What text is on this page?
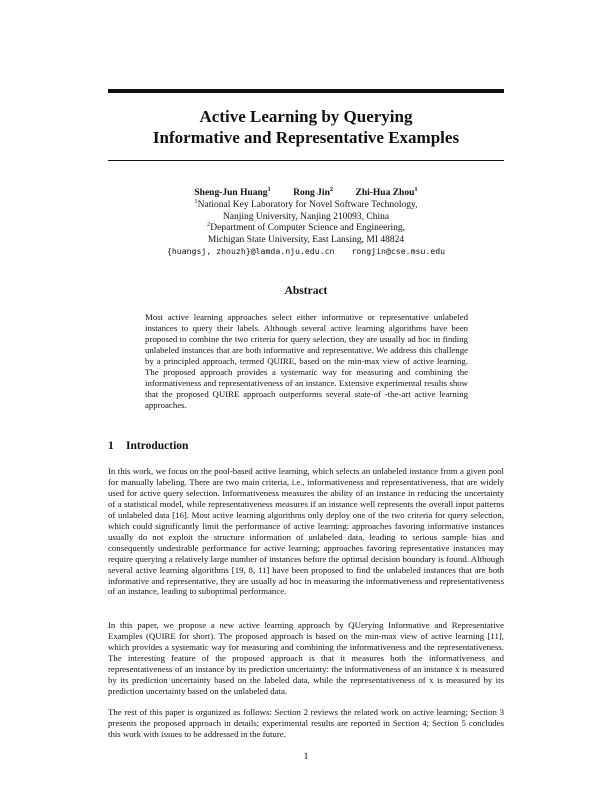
Active Learning by Querying
Informative and Representative Examples
Sheng-Jun Huang$^1$ Rong Jin$^2$ Zhi-Hua Zhou$^1$
$^1$National Key Laboratory for Novel Software Technology,
Nanjing University, Nanjing 210093, China
$^2$Department of Computer Science and Engineering,
Michigan State University, East Lansing, MI 48824
{huangsj, zhouzh}@lamda.nju.edu.cn rongjin@cse.msu.edu
Abstract
Most active learning approaches select either informative or representative unlabeled instances to query their labels. Although several active learning algorithms have been proposed to combine the two criteria for query selection, they are usually ad hoc in finding unlabeled instances that are both informative and representative. We address this challenge by a principled approach, termed QUIRE, based on the min-max view of active learning. The proposed approach provides a systematic way for measuring and combining the informativeness and representativeness of an instance. Extensive experimental results show that the proposed QUIRE approach outperforms several state-of -the-art active learning approaches.
1 Introduction
In this work, we focus on the pool-based active learning, which selects an unlabeled instance from a given pool for manually labeling. There are two main criteria, i.e., informativeness and representativeness, that are widely used for active query selection. Informativeness measures the ability of an instance in reducing the uncertainty of a statistical model, while representativeness measures if an instance well represents the overall input patterns of unlabeled data [16]. Most active learning algorithms only deploy one of the two criteria for query selection, which could significantly limit the performance of active learning: approaches favoring informative instances usually do not exploit the structure information of unlabeled data, leading to serious sample bias and consequently undesirable performance for active learning; approaches favoring representative instances may require querying a relatively large number of instances before the optimal decision boundary is found. Although several active learning algorithms [19, 8, 11] have been proposed to find the unlabeled instances that are both informative and representative, they are usually ad hoc in measuring the informativeness and representativeness of an instance, leading to suboptimal performance.
In this paper, we propose a new active learning approach by QUerying Informative and Representative Examples (QUIRE for short). The proposed approach is based on the min-max view of active learning [11], which provides a systematic way for measuring and combining the informativeness and the representativeness. The interesting feature of the proposed approach is that it measures both the informativeness and representativeness of an instance by its prediction uncertainty: the informativeness of an instance x is measured by its prediction uncertainty based on the labeled data, while the representativeness of x is measured by its prediction uncertainty based on the unlabeled data.
The rest of this paper is organized as follows: Section 2 reviews the related work on active learning; Section 3 presents the proposed approach in details; experimental results are reported in Section 4; Section 5 concludes this work with issues to be addressed in the future.
1
